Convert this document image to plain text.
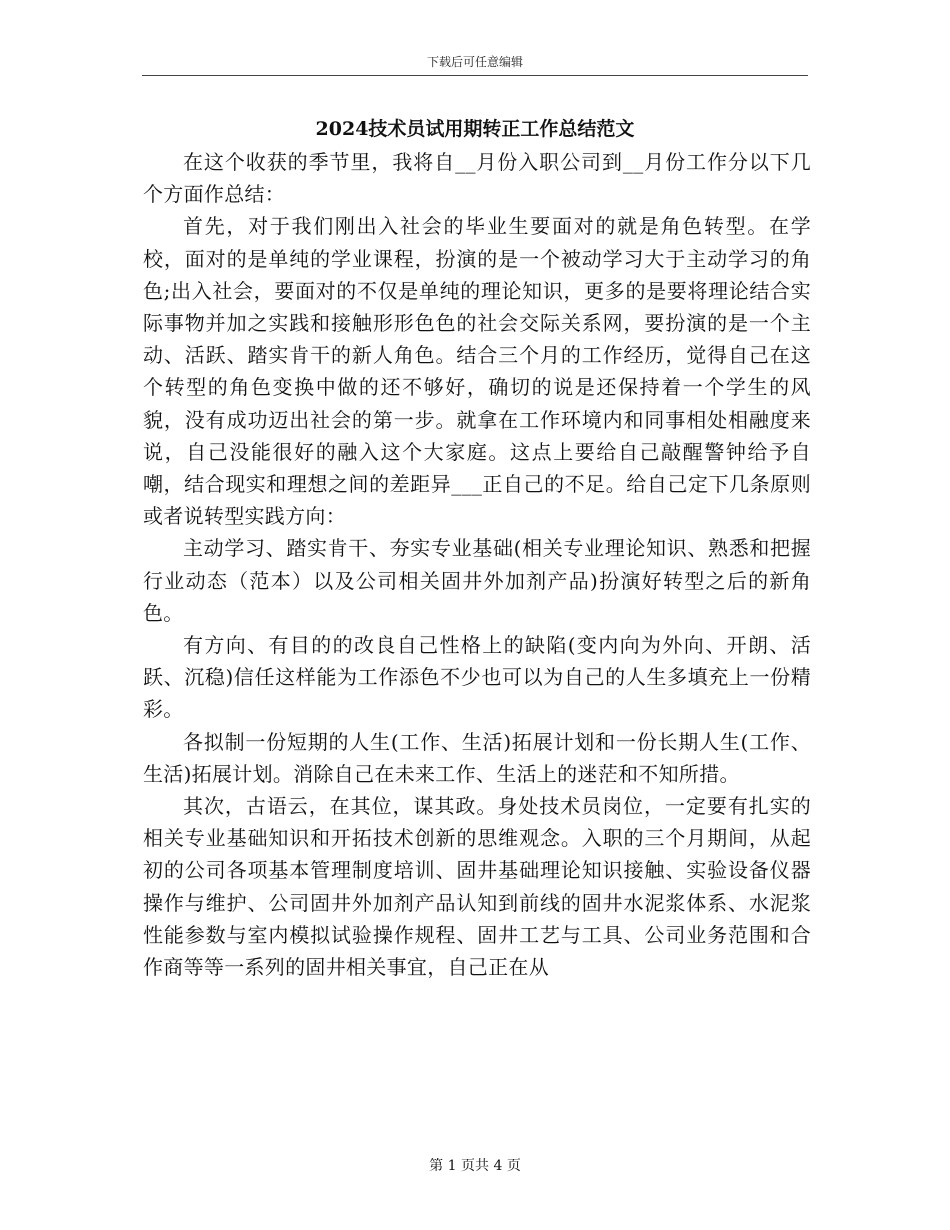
下载后可任意编辑
2024技术员试用期转正工作总结范文

在这个收获的季节里，我将自__月份入职公司到__月份工作分以下几个方面作总结：

首先，对于我们刚出入社会的毕业生要面对的就是角色转型。在学校，面对的是单纯的学业课程，扮演的是一个被动学习大于主动学习的角色;出入社会，要面对的不仅是单纯的理论知识，更多的是要将理论结合实际事物并加之实践和接触形形色色的社会交际关系网，要扮演的是一个主动、活跃、踏实肯干的新人角色。结合三个月的工作经历，觉得自己在这个转型的角色变换中做的还不够好，确切的说是还保持着一个学生的风貌，没有成功迈出社会的第一步。就拿在工作环境内和同事相处相融度来说，自己没能很好的融入这个大家庭。这点上要给自己敲醒警钟给予自嘲，结合现实和理想之间的差距异___正自己的不足。给自己定下几条原则或者说转型实践方向：

主动学习、踏实肯干、夯实专业基础(相关专业理论知识、熟悉和把握行业动态（范本）以及公司相关固井外加剂产品)扮演好转型之后的新角色。

有方向、有目的的改良自己性格上的缺陷(变内向为外向、开朗、活跃、沉稳)信任这样能为工作添色不少也可以为自己的人生多填充上一份精彩。

各拟制一份短期的人生(工作、生活)拓展计划和一份长期人生(工作、生活)拓展计划。消除自己在未来工作、生活上的迷茫和不知所措。

其次，古语云，在其位，谋其政。身处技术员岗位，一定要有扎实的相关专业基础知识和开拓技术创新的思维观念。入职的三个月期间，从起初的公司各项基本管理制度培训、固井基础理论知识接触、实验设备仪器操作与维护、公司固井外加剂产品认知到前线的固井水泥浆体系、水泥浆性能参数与室内模拟试验操作规程、固井工艺与工具、公司业务范围和合作商等等一系列的固井相关事宜，自己正在从

第 1 页共 4 页
